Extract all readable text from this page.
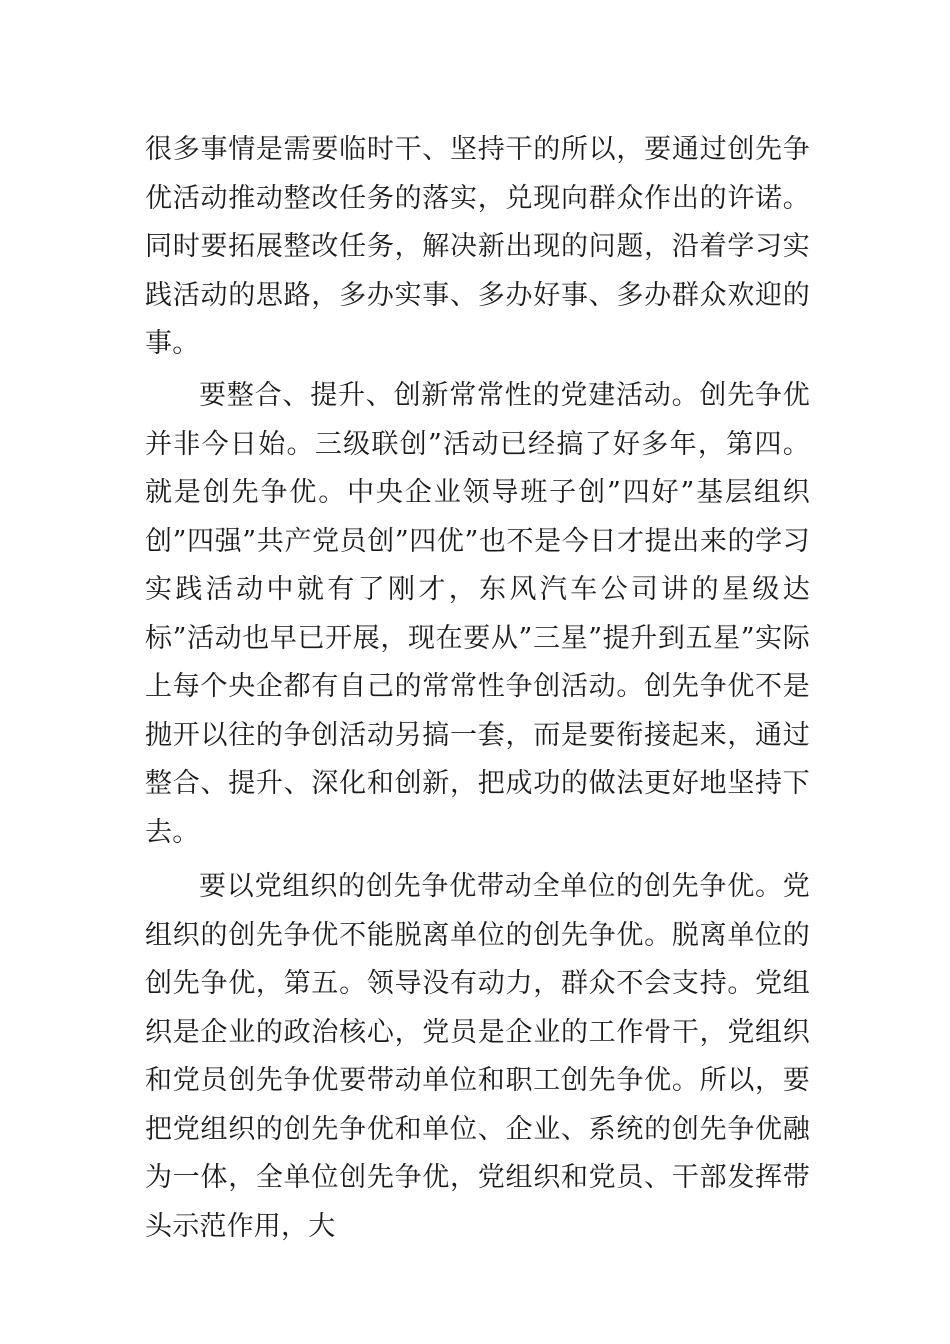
很多事情是需要临时干、坚持干的所以，要通过创先争优活动推动整改任务的落实，兑现向群众作出的许诺。同时要拓展整改任务，解决新出现的问题，沿着学习实践活动的思路，多办实事、多办好事、多办群众欢迎的事。

要整合、提升、创新常常性的党建活动。创先争优并非今日始。三级联创”活动已经搞了好多年，第四。就是创先争优。中央企业领导班子创”四好”基层组织创”四强”共产党员创”四优”也不是今日才提出来的学习实践活动中就有了刚才，东风汽车公司讲的星级达标”活动也早已开展，现在要从”三星”提升到五星”实际上每个央企都有自己的常常性争创活动。创先争优不是抛开以往的争创活动另搞一套，而是要衔接起来，通过整合、提升、深化和创新，把成功的做法更好地坚持下去。

要以党组织的创先争优带动全单位的创先争优。党组织的创先争优不能脱离单位的创先争优。脱离单位的创先争优，第五。领导没有动力，群众不会支持。党组织是企业的政治核心，党员是企业的工作骨干，党组织和党员创先争优要带动单位和职工创先争优。所以，要把党组织的创先争优和单位、企业、系统的创先争优融为一体，全单位创先争优，党组织和党员、干部发挥带头示范作用，大
